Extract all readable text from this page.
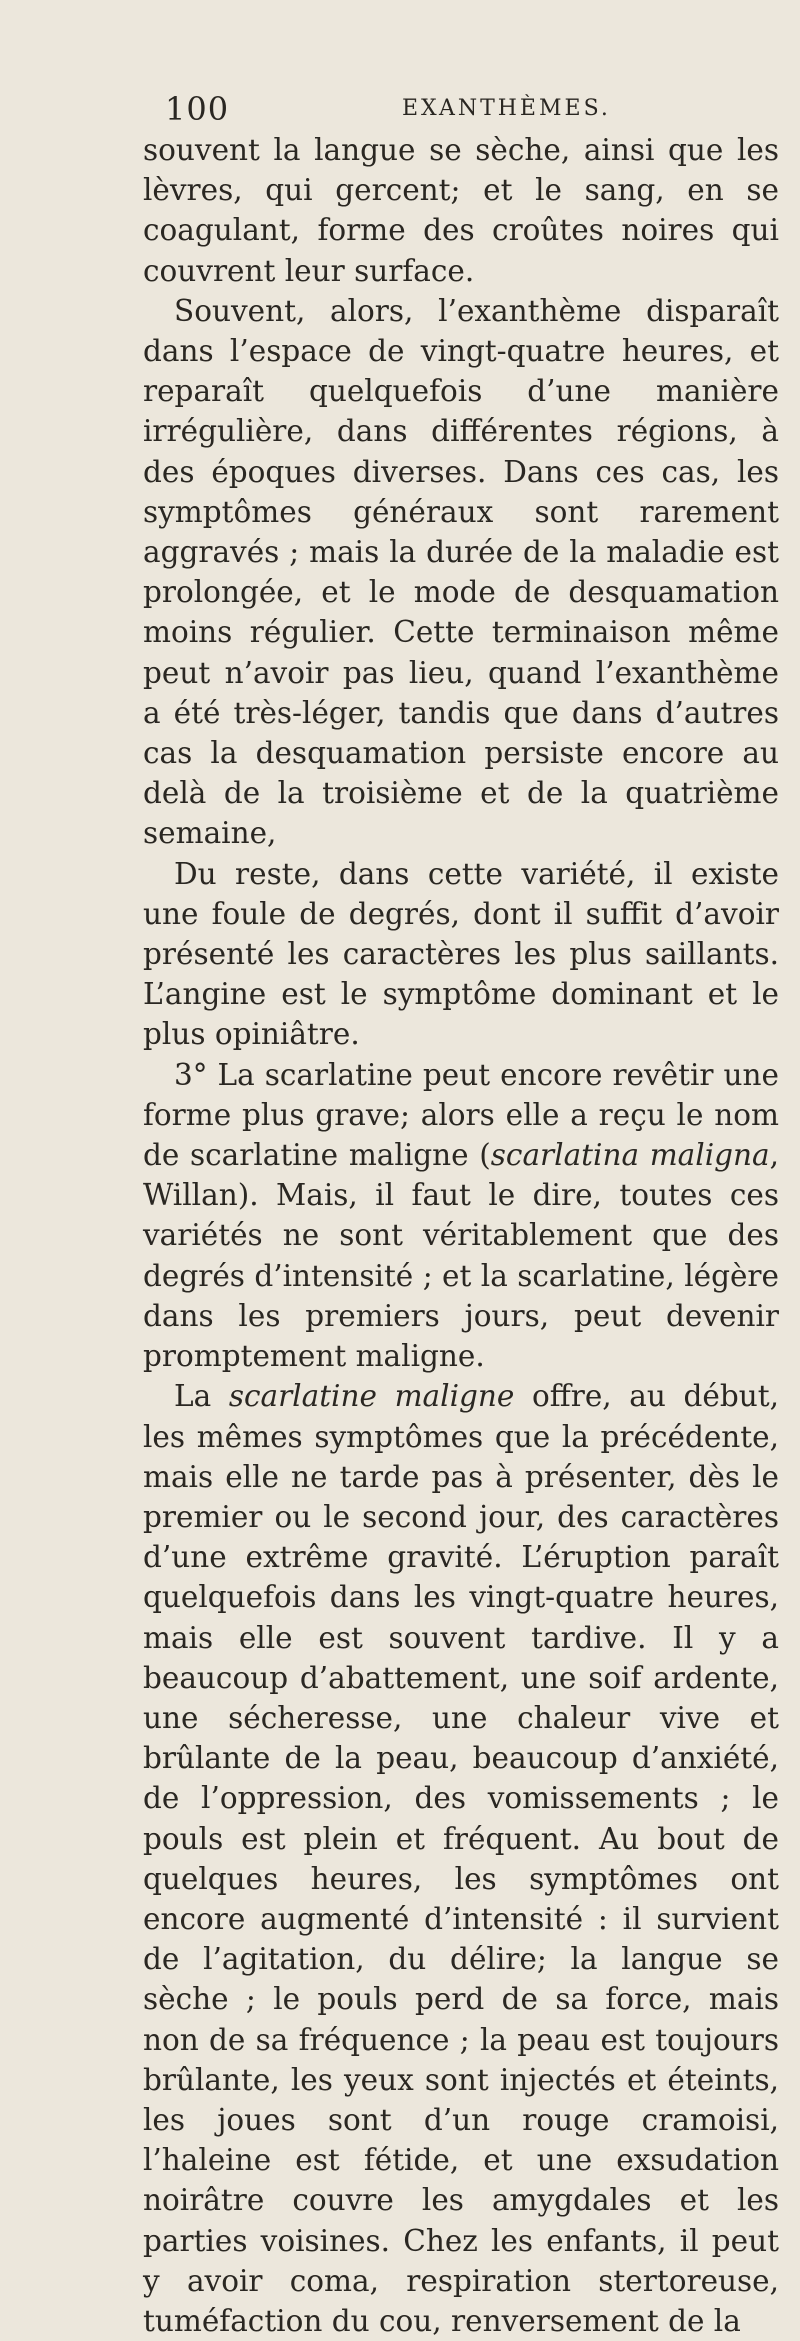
100	EXANTHÈMES.

souvent la langue se sèche, ainsi que les lèvres, qui gercent; et le sang, en se coagulant, forme des croûtes noires qui couvrent leur surface.

Souvent, alors, l’exanthème disparaît dans l’espace de vingt-quatre heures, et reparaît quelquefois d’une manière irrégulière, dans différentes régions, à des époques diverses. Dans ces cas, les symptômes généraux sont rarement aggravés ; mais la durée de la maladie est prolongée, et le mode de desquamation moins régulier. Cette terminaison même peut n’avoir pas lieu, quand l’exanthème a été très-léger, tandis que dans d’autres cas la desquamation persiste encore au delà de la troisième et de la quatrième semaine,

Du reste, dans cette variété, il existe une foule de degrés, dont il suffit d’avoir présenté les caractères les plus saillants. L’angine est le symptôme dominant et le plus opiniâtre.

3° La scarlatine peut encore revêtir une forme plus grave; alors elle a reçu le nom de scarlatine maligne (scarlatina maligna, Willan). Mais, il faut le dire, toutes ces variétés ne sont véritablement que des degrés d’intensité ; et la scarlatine, légère dans les premiers jours, peut devenir promptement maligne.

La scarlatine maligne offre, au début, les mêmes symptômes que la précédente, mais elle ne tarde pas à présenter, dès le premier ou le second jour, des caractères d’une extrême gravité. L’éruption paraît quelquefois dans les vingt-quatre heures, mais elle est souvent tardive. Il y a beaucoup d’abattement, une soif ardente, une sécheresse, une chaleur vive et brûlante de la peau, beaucoup d’anxiété, de l’oppression, des vomissements ; le pouls est plein et fréquent. Au bout de quelques heures, les symptômes ont encore augmenté d’intensité : il survient de l’agitation, du délire; la langue se sèche ; le pouls perd de sa force, mais non de sa fréquence ; la peau est toujours brûlante, les yeux sont injectés et éteints, les joues sont d’un rouge cramoisi, l’haleine est fétide, et une exsudation noirâtre couvre les amygdales et les parties voisines. Chez les enfants, il peut y avoir coma, respiration stertoreuse, tuméfaction du cou, renversement de la
